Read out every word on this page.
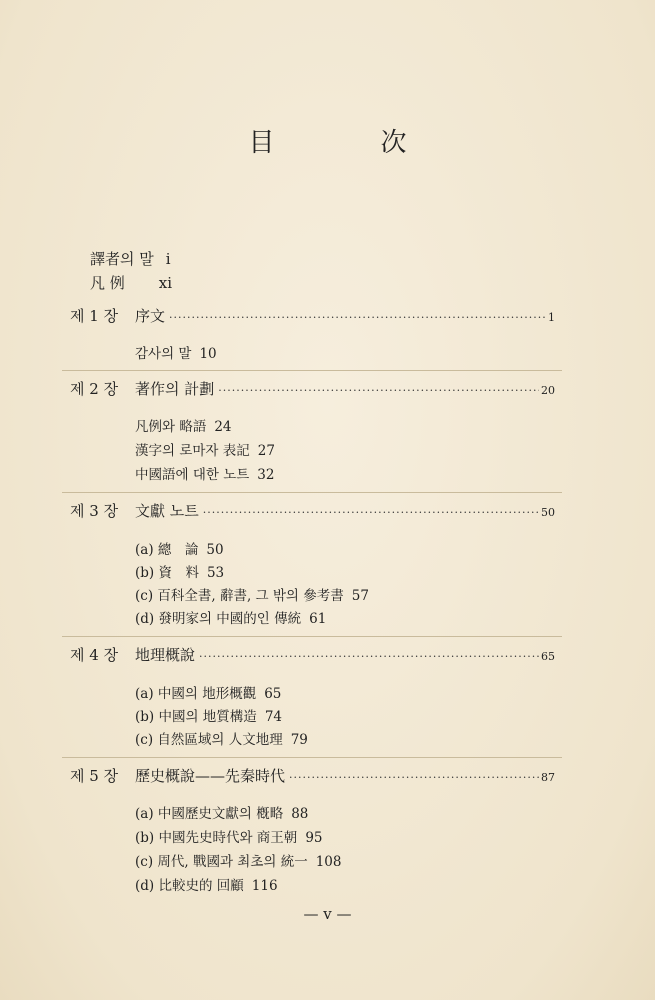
目　次
譯者의 말 i
凡 例 xi
제 1 장	序文 ·····	1
감사의 말 10
제 2 장	著作의 計劃 ·····	20
凡例와 略語 24
漢字의 로마자 表記 27
中國語에 대한 노트 32
제 3 장	文獻 노트 ·····	50
(a) 總　論 50
(b) 資　料 53
(c) 百科全書, 辭書, 그 밖의 參考書 57
(d) 發明家의 中國的인 傳統 61
제 4 장	地理概說 ·····	65
(a) 中國의 地形概觀 65
(b) 中國의 地質構造 74
(c) 自然區域의 人文地理 79
제 5 장	歷史概說——先秦時代 ·····	87
(a) 中國歷史文獻의 槪略 88
(b) 中國先史時代와 商王朝 95
(c) 周代, 戰國과 최초의 統一 108
(d) 比較史的 回顧 116
— v —
